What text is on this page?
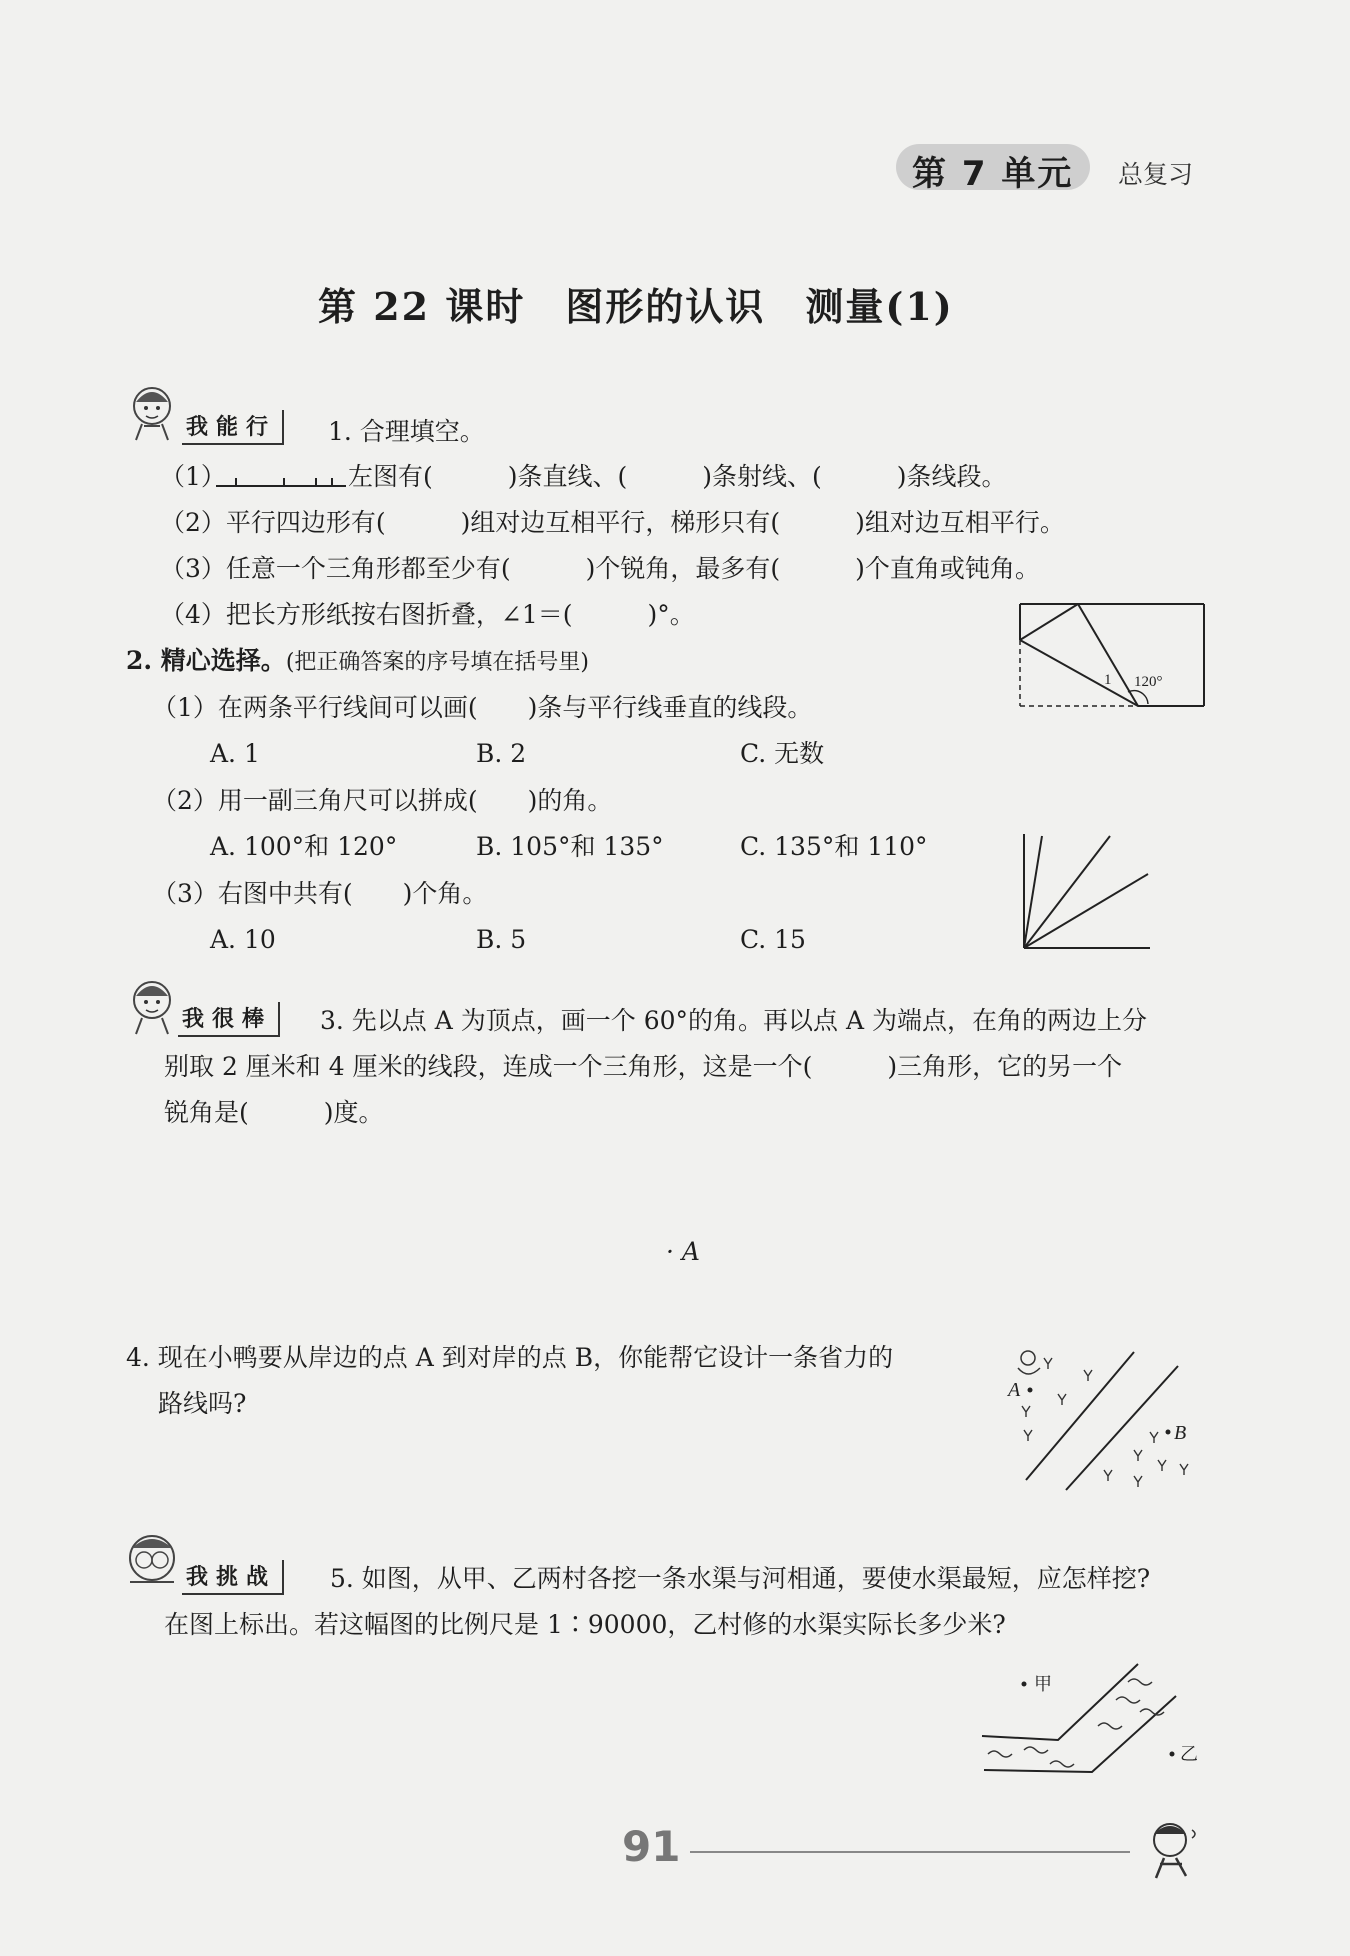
第 7 单元 总复习
第 22 课时　图形的认识　测量(1)
我能行	1. 合理填空。
（1）	左图有(　　　)条直线、(　　　)条射线、(　　　)条线段。
（2）平行四边形有(　　　)组对边互相平行，梯形只有(　　　)组对边互相平行。
（3）任意一个三角形都至少有(　　　)个锐角，最多有(　　　)个直角或钝角。
（4）把长方形纸按右图折叠，∠1＝(　　　)°。
1 120°
2. 精心选择。(把正确答案的序号填在括号里)
（1）在两条平行线间可以画(　　)条与平行线垂直的线段。
A. 1	B. 2	C. 无数
（2）用一副三角尺可以拼成(　　)的角。
A. 100°和 120°	B. 105°和 135°	C. 135°和 110°
（3）右图中共有(　　)个角。
A. 10	B. 5	C. 15
我很棒	3. 先以点 A 为顶点，画一个 60°的角。再以点 A 为端点，在角的两边上分
别取 2 厘米和 4 厘米的线段，连成一个三角形，这是一个(　　　)三角形，它的另一个
锐角是(　　　)度。
· A
4. 现在小鸭要从岸边的点 A 到对岸的点 B，你能帮它设计一条省力的
路线吗?	A
B
我挑战	5. 如图，从甲、乙两村各挖一条水渠与河相通，要使水渠最短，应怎样挖?
在图上标出。若这幅图的比例尺是 1∶90000，乙村修的水渠实际长多少米?
甲
乙
91
